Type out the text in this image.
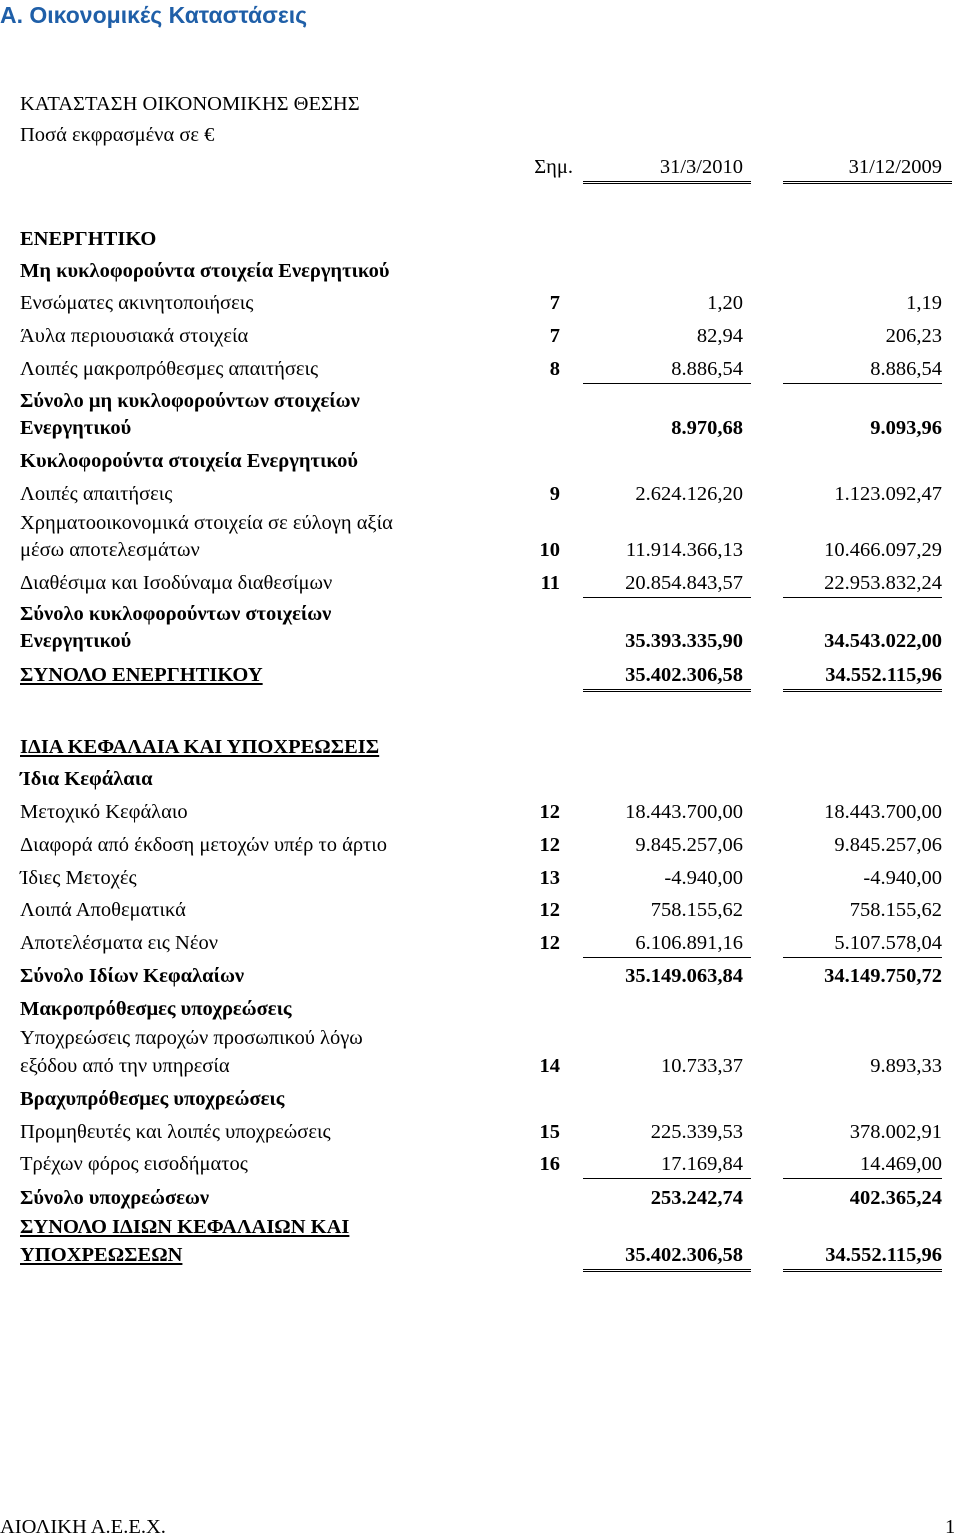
Α. Οικονομικές Καταστάσεις
ΚΑΤΑΣΤΑΣΗ ΟΙΚΟΝΟΜΙΚΗΣ ΘΕΣΗΣ
Ποσά εκφρασμένα σε €
Σημ.	31/3/2010	31/12/2009
ΕΝΕΡΓΗΤΙΚΟ
Μη κυκλοφορούντα στοιχεία Ενεργητικού
Ενσώματες ακινητοποιήσεις	7	1,20	1,19
Άυλα περιουσιακά στοιχεία	7	82,94	206,23
Λοιπές μακροπρόθεσμες απαιτήσεις	8	8.886,54	8.886,54
Σύνολο μη κυκλοφορούντων στοιχείων
Ενεργητικού	8.970,68	9.093,96
Κυκλοφορούντα στοιχεία Ενεργητικού
Λοιπές απαιτήσεις	9	2.624.126,20	1.123.092,47
Χρηματοοικονομικά στοιχεία σε εύλογη αξία
μέσω αποτελεσμάτων	10	11.914.366,13	10.466.097,29
Διαθέσιμα και Ισοδύναμα διαθεσίμων	11	20.854.843,57	22.953.832,24
Σύνολο κυκλοφορούντων στοιχείων
Ενεργητικού	35.393.335,90	34.543.022,00
ΣΥΝΟΛΟ ΕΝΕΡΓΗΤΙΚΟΥ	35.402.306,58	34.552.115,96
ΙΔΙΑ ΚΕΦΑΛΑΙΑ ΚΑΙ ΥΠΟΧΡΕΩΣΕΙΣ
Ίδια Κεφάλαια
Μετοχικό Κεφάλαιο	12	18.443.700,00	18.443.700,00
Διαφορά από έκδοση μετοχών υπέρ το άρτιο	12	9.845.257,06	9.845.257,06
Ίδιες Μετοχές	13	-4.940,00	-4.940,00
Λοιπά Αποθεματικά	12	758.155,62	758.155,62
Αποτελέσματα εις Νέον	12	6.106.891,16	5.107.578,04
Σύνολο Ιδίων Κεφαλαίων	35.149.063,84	34.149.750,72
Μακροπρόθεσμες υποχρεώσεις
Υποχρεώσεις παροχών προσωπικού λόγω
εξόδου από την υπηρεσία	14	10.733,37	9.893,33
Βραχυπρόθεσμες υποχρεώσεις
Προμηθευτές και λοιπές υποχρεώσεις	15	225.339,53	378.002,91
Τρέχων φόρος εισοδήματος	16	17.169,84	14.469,00
Σύνολο υποχρεώσεων	253.242,74	402.365,24
ΣΥΝΟΛΟ ΙΔΙΩΝ ΚΕΦΑΛΑΙΩΝ ΚΑΙ
ΥΠΟΧΡΕΩΣΕΩΝ	35.402.306,58	34.552.115,96
ΑΙΟΛΙΚΗ Α.Ε.Ε.Χ.	1
